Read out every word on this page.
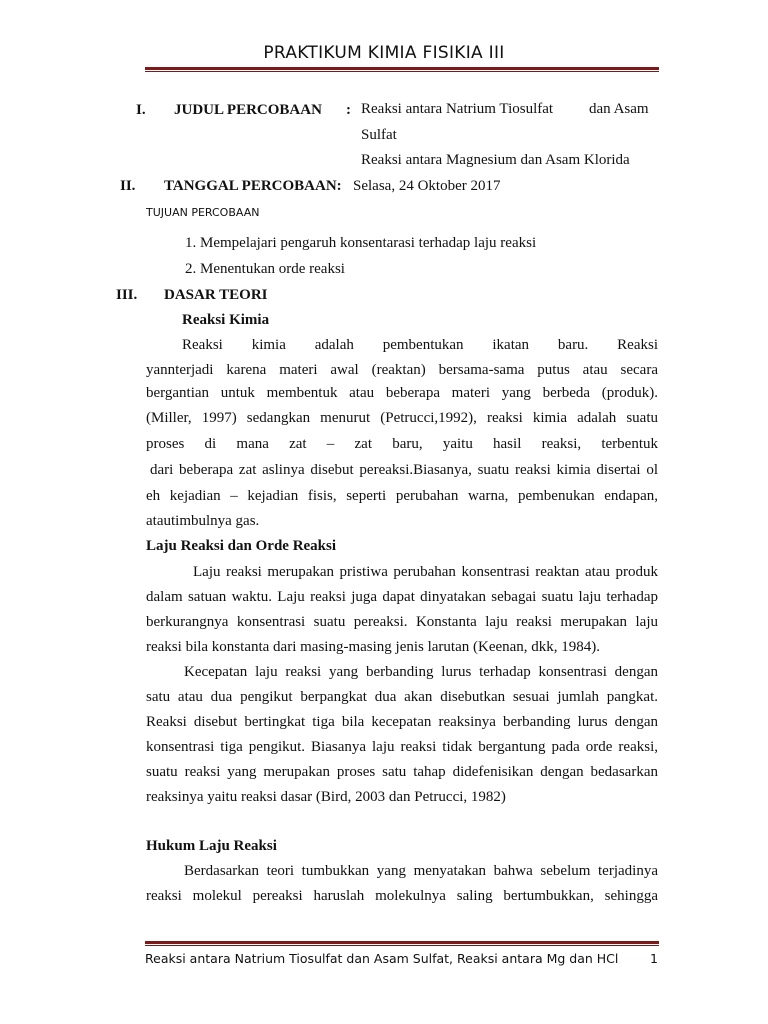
PRAKTIKUM KIMIA FISIKIA III
I. JUDUL PERCOBAAN : Reaksi antara Natrium Tiosulfat dan Asam
Sulfat
Reaksi antara Magnesium dan Asam Klorida
II. TANGGAL PERCOBAAN: Selasa, 24 Oktober 2017
TUJUAN PERCOBAAN
1. Mempelajari pengaruh konsentarasi terhadap laju reaksi
2. Menentukan orde reaksi
III. DASAR TEORI
Reaksi Kimia
Reaksi kimia adalah pembentukan ikatan baru. Reaksi
yannterjadi karena materi awal (reaktan) bersama-sama putus atau secara
bergantian untuk membentuk atau beberapa materi yang berbeda (produk).
(Miller, 1997) sedangkan menurut (Petrucci,1992), reaksi kimia adalah suatu
proses di mana zat – zat baru, yaitu hasil reaksi, terbentuk
dari beberapa zat aslinya disebut pereaksi.Biasanya, suatu reaksi kimia disertai ol
eh kejadian – kejadian fisis, seperti perubahan warna, pembenukan endapan,
atautimbulnya gas.
Laju Reaksi dan Orde Reaksi
Laju reaksi merupakan pristiwa perubahan konsentrasi reaktan atau produk
dalam satuan waktu. Laju reaksi juga dapat dinyatakan sebagai suatu laju terhadap
berkurangnya konsentrasi suatu pereaksi. Konstanta laju reaksi merupakan laju
reaksi bila konstanta dari masing-masing jenis larutan (Keenan, dkk, 1984).
Kecepatan laju reaksi yang berbanding lurus terhadap konsentrasi dengan
satu atau dua pengikut berpangkat dua akan disebutkan sesuai jumlah pangkat.
Reaksi disebut bertingkat tiga bila kecepatan reaksinya berbanding lurus dengan
konsentrasi tiga pengikut. Biasanya laju reaksi tidak bergantung pada orde reaksi,
suatu reaksi yang merupakan proses satu tahap didefenisikan dengan bedasarkan
reaksinya yaitu reaksi dasar (Bird, 2003 dan Petrucci, 1982)
Hukum Laju Reaksi
Berdasarkan teori tumbukkan yang menyatakan bahwa sebelum terjadinya
reaksi molekul pereaksi haruslah molekulnya saling bertumbukkan, sehingga
Reaksi antara Natrium Tiosulfat dan Asam Sulfat, Reaksi antara Mg dan HCl	1
